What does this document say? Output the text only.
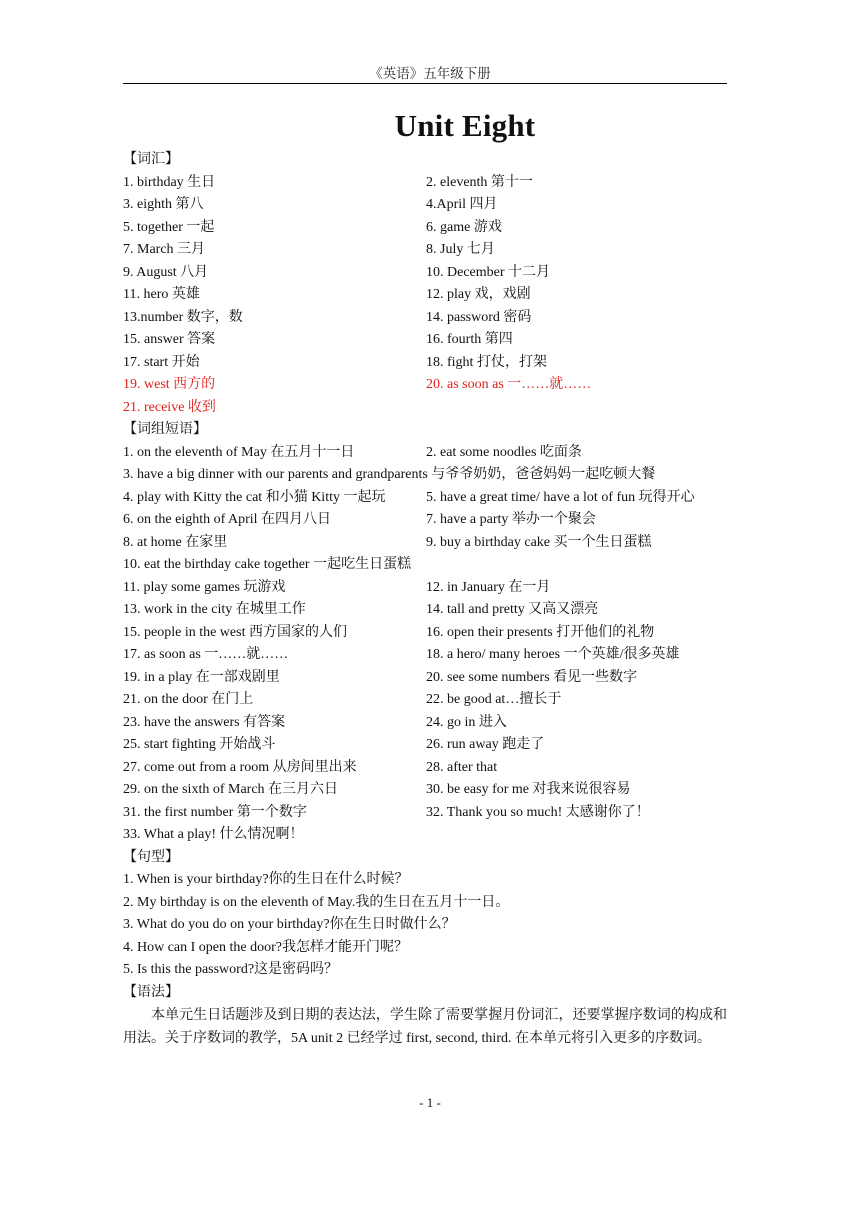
《英语》五年级下册
Unit Eight
【词汇】
1. birthday 生日	2. eleventh 第十一
3. eighth 第八	4.April 四月
5. together 一起	6. game 游戏
7. March 三月	8. July 七月
9. August 八月	10. December 十二月
11. hero 英雄	12. play 戏，戏剧
13.number 数字，数	14. password 密码
15. answer 答案	16. fourth 第四
17. start 开始	18. fight 打仗，打架
19. west 西方的	20. as soon as 一……就……
21. receive 收到
【词组短语】
1. on the eleventh of May 在五月十一日	2. eat some noodles 吃面条
3. have a big dinner with our parents and grandparents 与爷爷奶奶，爸爸妈妈一起吃顿大餐
4. play with Kitty the cat 和小猫 Kitty 一起玩	5. have a great time/ have a lot of fun 玩得开心
6. on the eighth of April 在四月八日	7. have a party 举办一个聚会
8. at home 在家里	9. buy a birthday cake 买一个生日蛋糕
10. eat the birthday cake together 一起吃生日蛋糕
11. play some games 玩游戏	12. in January 在一月
13. work in the city 在城里工作	14. tall and pretty 又高又漂亮
15. people in the west 西方国家的人们	16. open their presents 打开他们的礼物
17. as soon as 一……就……	18. a hero/ many heroes 一个英雄/很多英雄
19. in a play 在一部戏剧里	20. see some numbers 看见一些数字
21. on the door 在门上	22. be good at…擅长于
23. have the answers 有答案	24. go in 进入
25. start fighting 开始战斗	26. run away 跑走了
27. come out from a room 从房间里出来	28. after that
29. on the sixth of March 在三月六日	30. be easy for me 对我来说很容易
31. the first number 第一个数字	32. Thank you so much! 太感谢你了！
33. What a play! 什么情况啊！
【句型】
1. When is your birthday?你的生日在什么时候？
2. My birthday is on the eleventh of May.我的生日在五月十一日。
3. What do you do on your birthday?你在生日时做什么？
4. How can I open the door?我怎样才能开门呢？
5. Is this the password?这是密码吗？
【语法】

本单元生日话题涉及到日期的表达法，学生除了需要掌握月份词汇，还要掌握序数词的构成和用法。关于序数词的教学，5A unit 2 已经学过 first, second, third. 在本单元将引入更多的序数词。

- 1 -
